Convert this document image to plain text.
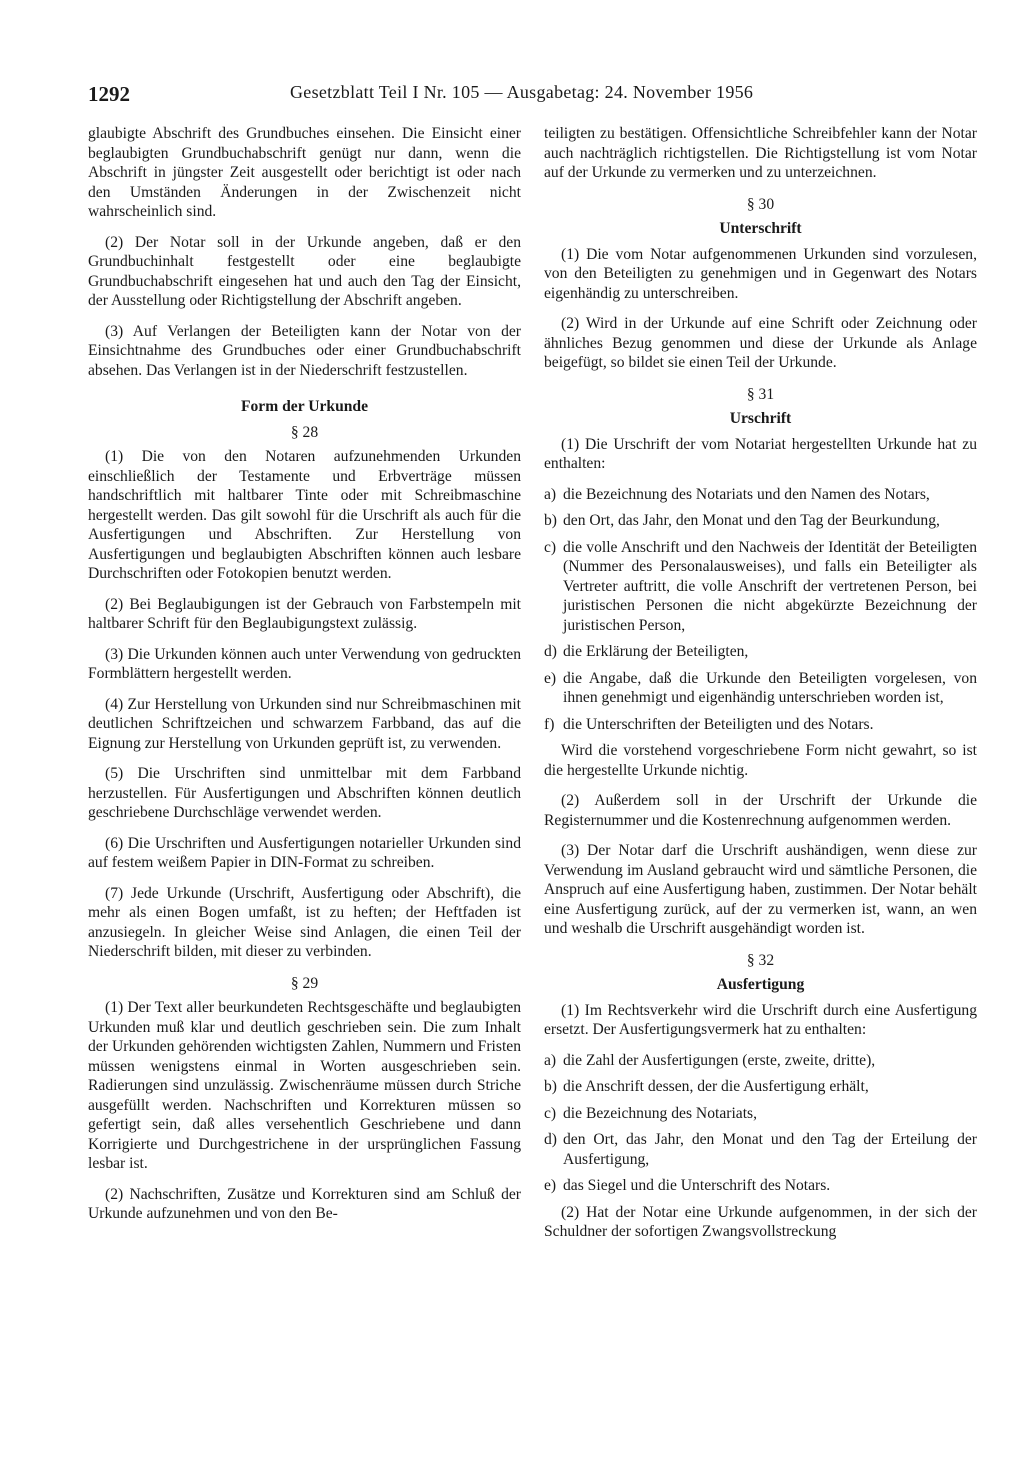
1292	Gesetzblatt Teil I Nr. 105 — Ausgabetag: 24. November 1956

glaubigte Abschrift des Grundbuches einsehen. Die Einsicht einer beglaubigten Grundbuchabschrift genügt nur dann, wenn die Abschrift in jüngster Zeit ausgestellt oder berichtigt ist oder nach den Umständen Änderungen in der Zwischenzeit nicht wahrscheinlich sind.

(2) Der Notar soll in der Urkunde angeben, daß er den Grundbuchinhalt festgestellt oder eine beglaubigte Grundbuchabschrift eingesehen hat und auch den Tag der Einsicht, der Ausstellung oder Richtigstellung der Abschrift angeben.

(3) Auf Verlangen der Beteiligten kann der Notar von der Einsichtnahme des Grundbuches oder einer Grundbuchabschrift absehen. Das Verlangen ist in der Niederschrift festzustellen.

Form der Urkunde
§ 28

(1) Die von den Notaren aufzunehmenden Urkunden einschließlich der Testamente und Erbverträge müssen handschriftlich mit haltbarer Tinte oder mit Schreibmaschine hergestellt werden. Das gilt sowohl für die Urschrift als auch für die Ausfertigungen und Abschriften. Zur Herstellung von Ausfertigungen und beglaubigten Abschriften können auch lesbare Durchschriften oder Fotokopien benutzt werden.

(2) Bei Beglaubigungen ist der Gebrauch von Farbstempeln mit haltbarer Schrift für den Beglaubigungstext zulässig.

(3) Die Urkunden können auch unter Verwendung von gedruckten Formblättern hergestellt werden.

(4) Zur Herstellung von Urkunden sind nur Schreibmaschinen mit deutlichen Schriftzeichen und schwarzem Farbband, das auf die Eignung zur Herstellung von Urkunden geprüft ist, zu verwenden.

(5) Die Urschriften sind unmittelbar mit dem Farbband herzustellen. Für Ausfertigungen und Abschriften können deutlich geschriebene Durchschläge verwendet werden.

(6) Die Urschriften und Ausfertigungen notarieller Urkunden sind auf festem weißem Papier in DIN-Format zu schreiben.

(7) Jede Urkunde (Urschrift, Ausfertigung oder Abschrift), die mehr als einen Bogen umfaßt, ist zu heften; der Heftfaden ist anzusiegeln. In gleicher Weise sind Anlagen, die einen Teil der Niederschrift bilden, mit dieser zu verbinden.

§ 29

(1) Der Text aller beurkundeten Rechtsgeschäfte und beglaubigten Urkunden muß klar und deutlich geschrieben sein. Die zum Inhalt der Urkunden gehörenden wichtigsten Zahlen, Nummern und Fristen müssen wenigstens einmal in Worten ausgeschrieben sein. Radierungen sind unzulässig. Zwischenräume müssen durch Striche ausgefüllt werden. Nachschriften und Korrekturen müssen so gefertigt sein, daß alles versehentlich Geschriebene und dann Korrigierte und Durchgestrichene in der ursprünglichen Fassung lesbar ist.

(2) Nachschriften, Zusätze und Korrekturen sind am Schluß der Urkunde aufzunehmen und von den Be-

teiligten zu bestätigen. Offensichtliche Schreibfehler kann der Notar auch nachträglich richtigstellen. Die Richtigstellung ist vom Notar auf der Urkunde zu vermerken und zu unterzeichnen.

§ 30
Unterschrift

(1) Die vom Notar aufgenommenen Urkunden sind vorzulesen, von den Beteiligten zu genehmigen und in Gegenwart des Notars eigenhändig zu unterschreiben.

(2) Wird in der Urkunde auf eine Schrift oder Zeichnung oder ähnliches Bezug genommen und diese der Urkunde als Anlage beigefügt, so bildet sie einen Teil der Urkunde.

§ 31
Urschrift

(1) Die Urschrift der vom Notariat hergestellten Urkunde hat zu enthalten:

a) die Bezeichnung des Notariats und den Namen des Notars,
b) den Ort, das Jahr, den Monat und den Tag der Beurkundung,
c) die volle Anschrift und den Nachweis der Identität der Beteiligten (Nummer des Personalausweises), und falls ein Beteiligter als Vertreter auftritt, die volle Anschrift der vertretenen Person, bei juristischen Personen die nicht abgekürzte Bezeichnung der juristischen Person,
d) die Erklärung der Beteiligten,
e) die Angabe, daß die Urkunde den Beteiligten vorgelesen, von ihnen genehmigt und eigenhändig unterschrieben worden ist,
f) die Unterschriften der Beteiligten und des Notars.

Wird die vorstehend vorgeschriebene Form nicht gewahrt, so ist die hergestellte Urkunde nichtig.

(2) Außerdem soll in der Urschrift der Urkunde die Registernummer und die Kostenrechnung aufgenommen werden.

(3) Der Notar darf die Urschrift aushändigen, wenn diese zur Verwendung im Ausland gebraucht wird und sämtliche Personen, die Anspruch auf eine Ausfertigung haben, zustimmen. Der Notar behält eine Ausfertigung zurück, auf der zu vermerken ist, wann, an wen und weshalb die Urschrift ausgehändigt worden ist.

§ 32
Ausfertigung

(1) Im Rechtsverkehr wird die Urschrift durch eine Ausfertigung ersetzt. Der Ausfertigungsvermerk hat zu enthalten:

a) die Zahl der Ausfertigungen (erste, zweite, dritte),
b) die Anschrift dessen, der die Ausfertigung erhält,
c) die Bezeichnung des Notariats,
d) den Ort, das Jahr, den Monat und den Tag der Erteilung der Ausfertigung,
e) das Siegel und die Unterschrift des Notars.

(2) Hat der Notar eine Urkunde aufgenommen, in der sich der Schuldner der sofortigen Zwangsvollstreckung
